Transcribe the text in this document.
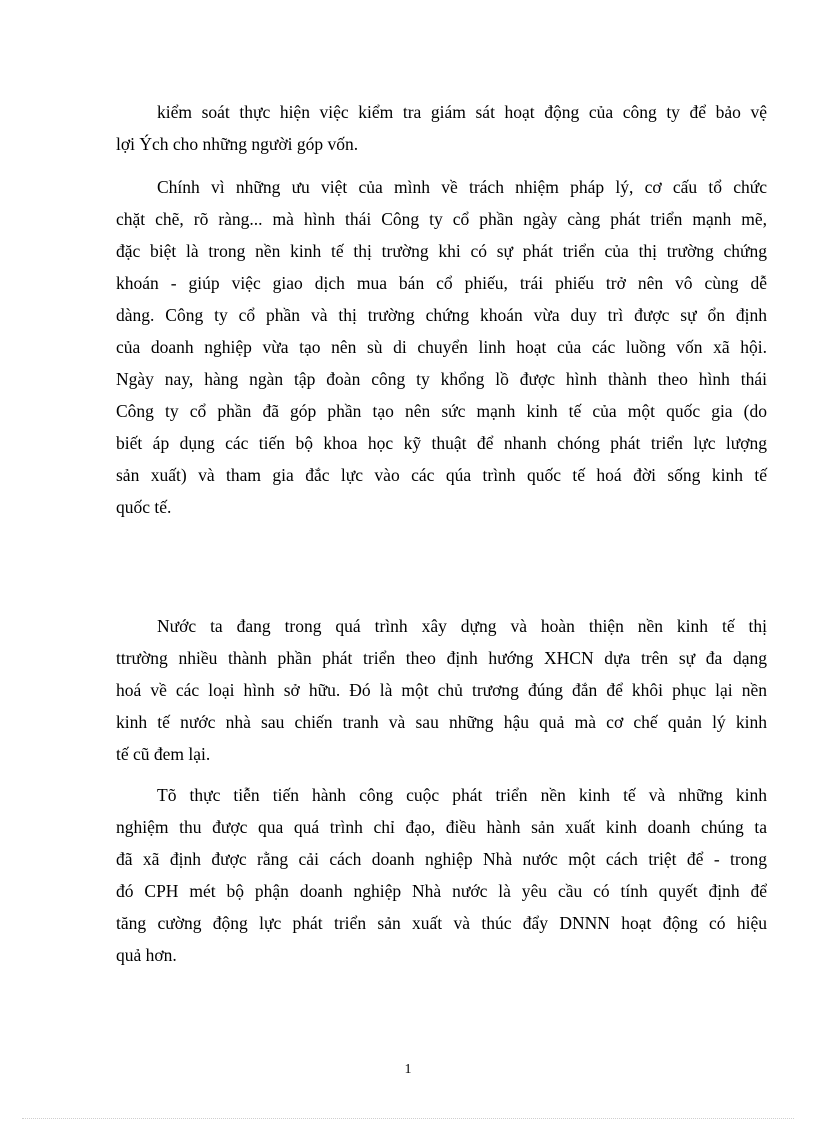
kiểm soát thực hiện việc kiểm tra giám sát hoạt động của công ty để bảo vệ
lợi Ých cho những người góp vốn.
Chính vì những ưu việt của mình về trách nhiệm pháp lý, cơ cấu tổ chức
chặt chẽ, rõ ràng... mà hình thái Công ty cổ phần ngày càng phát triển mạnh mẽ,
đặc biệt là trong nền kinh tế thị trường khi có sự phát triển của thị trường chứng
khoán - giúp việc giao dịch mua bán cổ phiếu, trái phiếu trở nên vô cùng dễ
dàng. Công ty cổ phần và thị trường chứng khoán vừa duy trì được sự ổn định
của doanh nghiệp vừa tạo nên sù di chuyển linh hoạt của các luồng vốn xã hội.
Ngày nay, hàng ngàn tập đoàn công ty khổng lồ được hình thành theo hình thái
Công ty cổ phần đã góp phần tạo nên sức mạnh kinh tế của một quốc gia (do
biết áp dụng các tiến bộ khoa học kỹ thuật để nhanh chóng phát triển lực lượng
sản xuất) và tham gia đắc lực vào các qúa trình quốc tế hoá đời sống kinh tế
quốc tế.
Nước ta đang trong quá trình xây dựng và hoàn thiện nền kinh tế thị
ttrường nhiều thành phần phát triển theo định hướng XHCN dựa trên sự đa dạng
hoá về các loại hình sở hữu. Đó là một chủ trương đúng đắn để khôi phục lại nền
kinh tế nước nhà sau chiến tranh và sau những hậu quả mà cơ chế quản lý kinh
tế cũ đem lại.
Tõ thực tiễn tiến hành công cuộc phát triển nền kinh tế và những kinh
nghiệm thu được qua quá trình chỉ đạo, điều hành sản xuất kinh doanh chúng ta
đã xã định được rằng cải cách doanh nghiệp Nhà nước một cách triệt để - trong
đó CPH mét bộ phận doanh nghiệp Nhà nước là yêu cầu có tính quyết định để
tăng cường động lực phát triển sản xuất và thúc đẩy DNNN hoạt động có hiệu
quả hơn.
1
